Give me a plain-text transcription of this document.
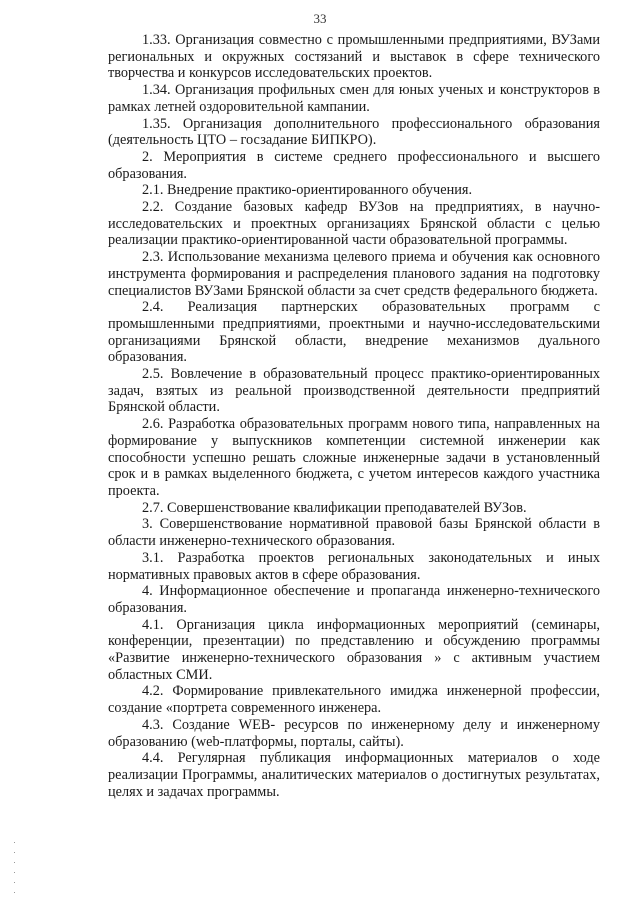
33

1.33. Организация совместно с промышленными предприятиями, ВУЗами региональных и окружных состязаний и выставок в сфере технического творчества и конкурсов исследовательских проектов.

1.34. Организация профильных смен для юных ученых и конструкторов в рамках летней оздоровительной кампании.

1.35. Организация дополнительного профессионального образования (деятельность ЦТО – госзадание БИПКРО).

2. Мероприятия в системе среднего профессионального и высшего образования.

2.1. Внедрение практико-ориентированного обучения.

2.2. Создание базовых кафедр ВУЗов на предприятиях, в научно-исследовательских и проектных организациях Брянской области с целью реализации практико-ориентированной части образовательной программы.

2.3. Использование механизма целевого приема и обучения как основного инструмента формирования и распределения планового задания на подготовку специалистов ВУЗами Брянской области за счет средств федерального бюджета.

2.4. Реализация партнерских образовательных программ с промышленными предприятиями, проектными и научно-исследовательскими организациями Брянской области, внедрение механизмов дуального образования.

2.5. Вовлечение в образовательный процесс практико-ориентированных задач, взятых из реальной производственной деятельности предприятий Брянской области.

2.6. Разработка образовательных программ нового типа, направленных на формирование у выпускников компетенции системной инженерии как способности успешно решать сложные инженерные задачи в установленный срок и в рамках выделенного бюджета, с учетом интересов каждого участника проекта.

2.7. Совершенствование квалификации преподавателей ВУЗов.

3. Совершенствование нормативной правовой базы Брянской области в области инженерно-технического образования.

3.1. Разработка проектов региональных законодательных и иных нормативных правовых актов в сфере образования.

4. Информационное обеспечение и пропаганда инженерно-технического образования.

4.1. Организация цикла информационных мероприятий (семинары, конференции, презентации) по представлению и обсуждению программы «Развитие инженерно-технического образования » с активным участием областных СМИ.

4.2. Формирование привлекательного имиджа инженерной профессии, создание «портрета современного инженера.

4.3. Создание WEB- ресурсов по инженерному делу и инженерному образованию (web-платформы, порталы, сайты).

4.4. Регулярная публикация информационных материалов о ходе реализации Программы, аналитических материалов о достигнутых результатах, целях и задачах программы.
